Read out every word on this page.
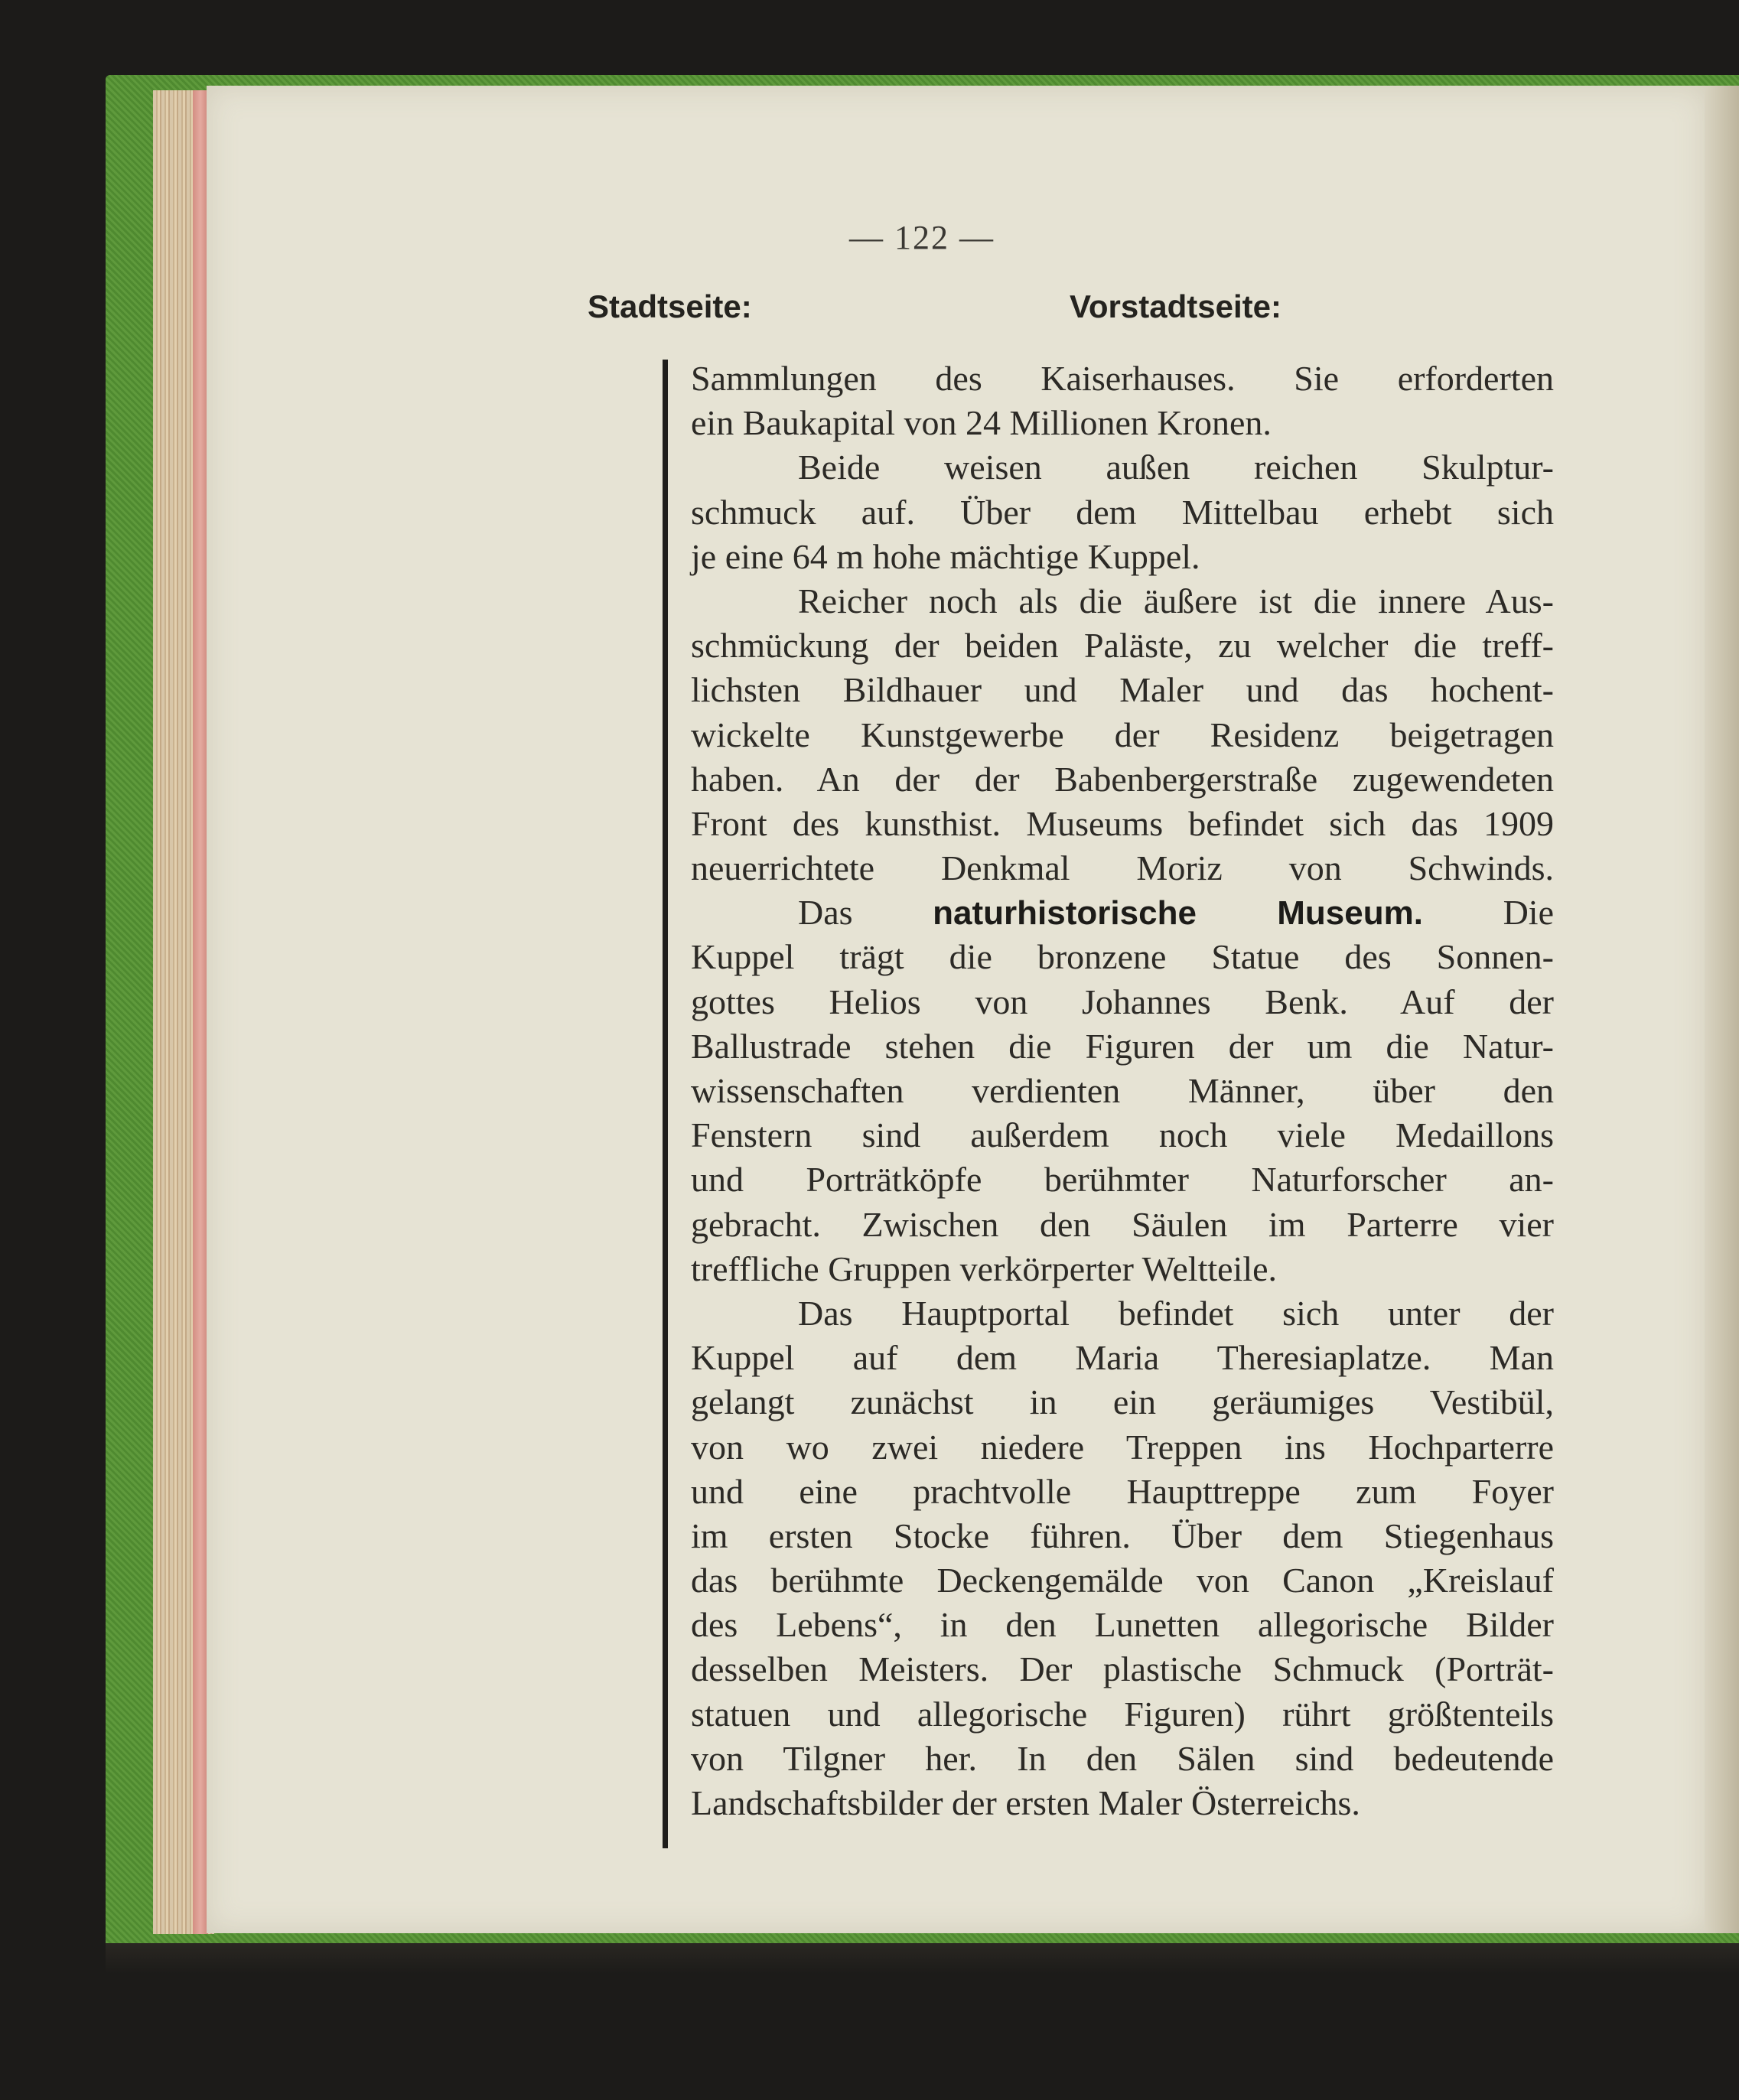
— 122 —
Stadtseite:	Vorstadtseite:
Sammlungen des Kaiserhauses. Sie erforderten
ein Baukapital von 24 Millionen Kronen.
Beide weisen außen reichen Skulptur-
schmuck auf. Über dem Mittelbau erhebt sich
je eine 64 m hohe mächtige Kuppel.
Reicher noch als die äußere ist die innere Aus-
schmückung der beiden Paläste, zu welcher die treff-
lichsten Bildhauer und Maler und das hochent-
wickelte Kunstgewerbe der Residenz beigetragen
haben. An der der Babenbergerstraße zugewendeten
Front des kunsthist. Museums befindet sich das 1909
neuerrichtete Denkmal Moriz von Schwinds.
Das naturhistorische Museum. Die
Kuppel trägt die bronzene Statue des Sonnen-
gottes Helios von Johannes Benk. Auf der
Ballustrade stehen die Figuren der um die Natur-
wissenschaften verdienten Männer, über den
Fenstern sind außerdem noch viele Medaillons
und Porträtköpfe berühmter Naturforscher an-
gebracht. Zwischen den Säulen im Parterre vier
treffliche Gruppen verkörperter Weltteile.
Das Hauptportal befindet sich unter der
Kuppel auf dem Maria Theresiaplatze. Man
gelangt zunächst in ein geräumiges Vestibül,
von wo zwei niedere Treppen ins Hochparterre
und eine prachtvolle Haupttreppe zum Foyer
im ersten Stocke führen. Über dem Stiegenhaus
das berühmte Deckengemälde von Canon „Kreislauf
des Lebens“, in den Lunetten allegorische Bilder
desselben Meisters. Der plastische Schmuck (Porträt-
statuen und allegorische Figuren) rührt größtenteils
von Tilgner her. In den Sälen sind bedeutende
Landschaftsbilder der ersten Maler Österreichs.
